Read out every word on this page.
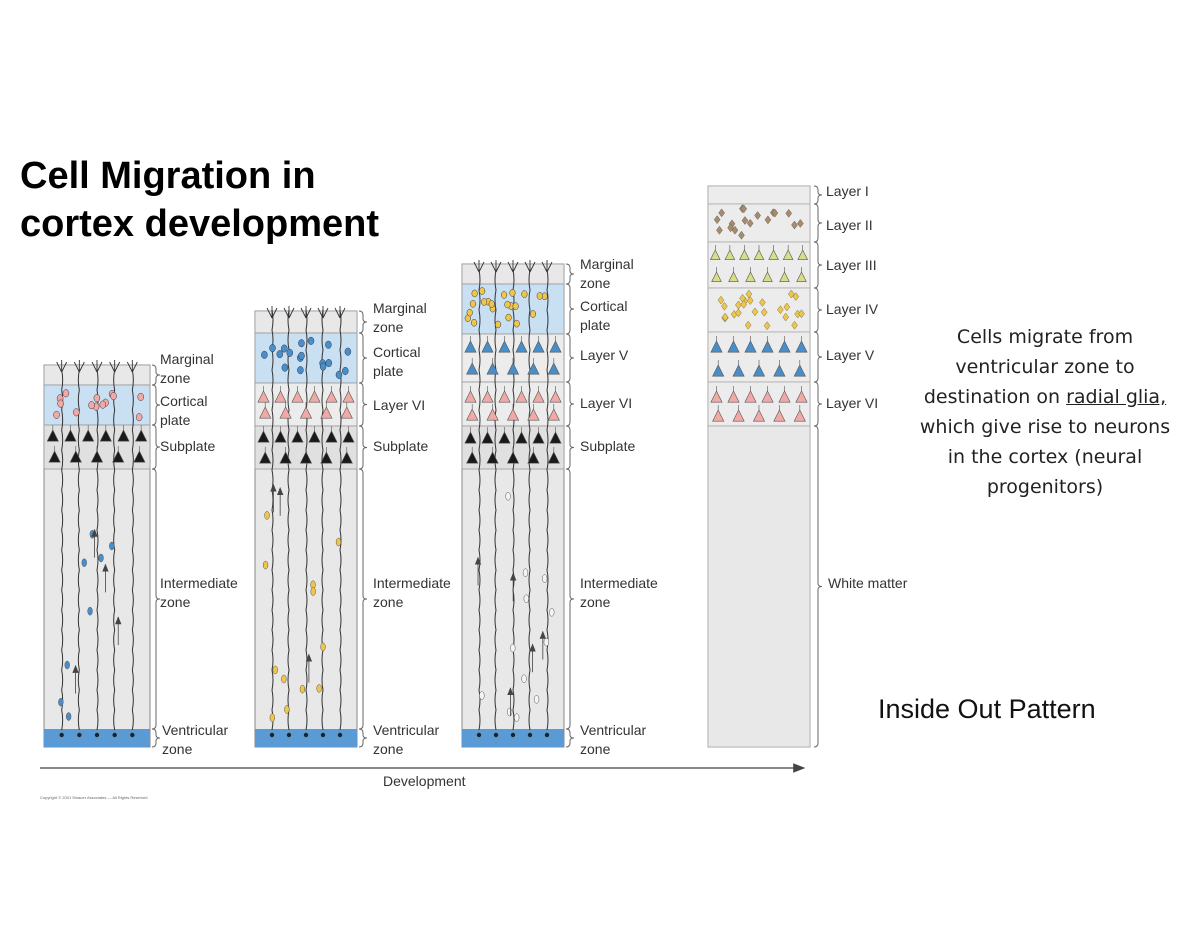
Cell Migration in
cortex development
Cells migrate from ventricular zone to destination on radial glia, which give rise to neurons in the cortex (neural progenitors)
Inside Out Pattern
Marginal
zone
Cortical
plate
Subplate
Intermediate
zone
Ventricular
zone
Marginal
zone
Cortical
plate
Layer VI
Subplate
Intermediate
zone
Ventricular
zone
Marginal
zone
Cortical
plate
Layer V
Layer VI
Subplate
Intermediate
zone
Ventricular
zone
Layer I
Layer II
Layer III
Layer IV
Layer V
Layer VI
White matter
Development
Copyright © 2001 Sinauer Associates — All Rights Reserved
